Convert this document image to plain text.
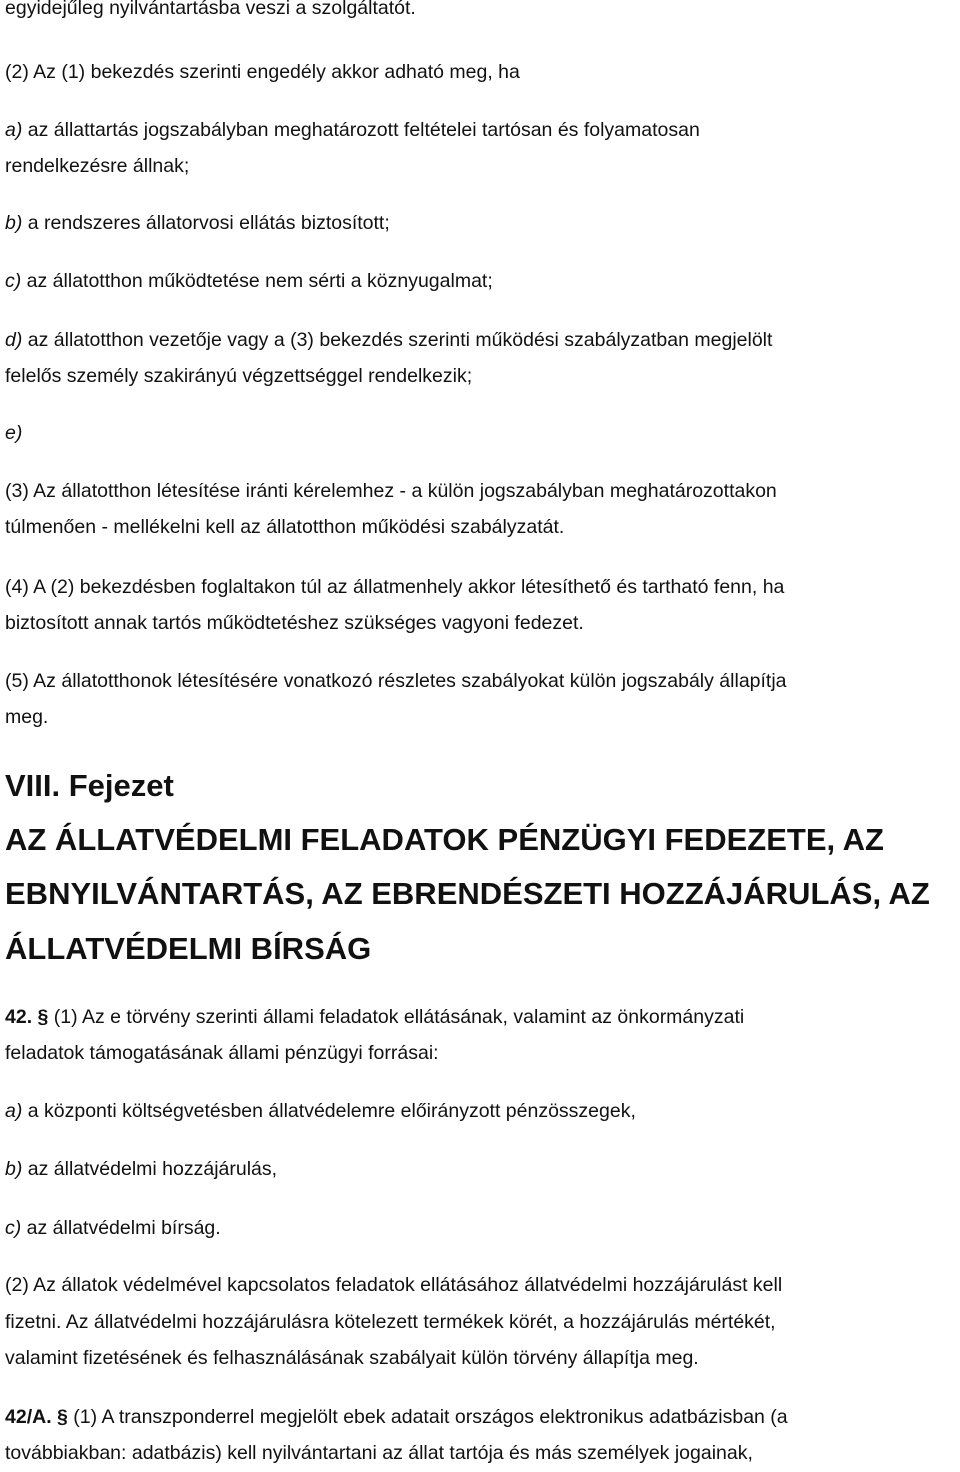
egyidejűleg nyilvántartásba veszi a szolgáltatót.

(2) Az (1) bekezdés szerinti engedély akkor adható meg, ha

a) az állattartás jogszabályban meghatározott feltételei tartósan és folyamatosan

rendelkezésre állnak;

b) a rendszeres állatorvosi ellátás biztosított;

c) az állatotthon működtetése nem sérti a köznyugalmat;

d) az állatotthon vezetője vagy a (3) bekezdés szerinti működési szabályzatban megjelölt

felelős személy szakirányú végzettséggel rendelkezik;

e)

(3) Az állatotthon létesítése iránti kérelemhez - a külön jogszabályban meghatározottakon

túlmenően - mellékelni kell az állatotthon működési szabályzatát.

(4) A (2) bekezdésben foglaltakon túl az állatmenhely akkor létesíthető és tartható fenn, ha

biztosított annak tartós működtetéshez szükséges vagyoni fedezet.

(5) Az állatotthonok létesítésére vonatkozó részletes szabályokat külön jogszabály állapítja

meg.

VIII. Fejezet

AZ ÁLLATVÉDELMI FELADATOK PÉNZÜGYI FEDEZETE, AZ

EBNYILVÁNTARTÁS, AZ EBRENDÉSZETI HOZZÁJÁRULÁS, AZ

ÁLLATVÉDELMI BÍRSÁG

42. § (1) Az e törvény szerinti állami feladatok ellátásának, valamint az önkormányzati

feladatok támogatásának állami pénzügyi forrásai:

a) a központi költségvetésben állatvédelemre előirányzott pénzösszegek,

b) az állatvédelmi hozzájárulás,

c) az állatvédelmi bírság.

(2) Az állatok védelmével kapcsolatos feladatok ellátásához állatvédelmi hozzájárulást kell

fizetni. Az állatvédelmi hozzájárulásra kötelezett termékek körét, a hozzájárulás mértékét,

valamint fizetésének és felhasználásának szabályait külön törvény állapítja meg.

42/A. § (1) A transzponderrel megjelölt ebek adatait országos elektronikus adatbázisban (a

továbbiakban: adatbázis) kell nyilvántartani az állat tartója és más személyek jogainak,
